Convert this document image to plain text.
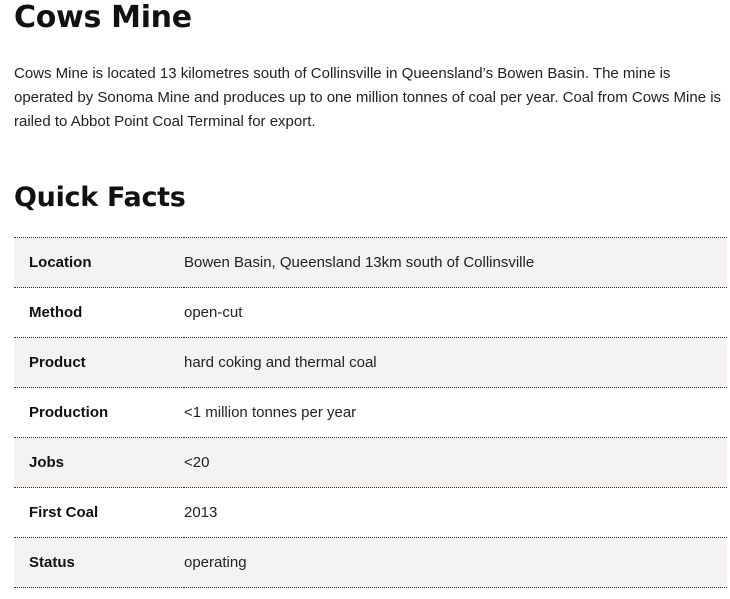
Cows Mine

Cows Mine is located 13 kilometres south of Collinsville in Queensland’s Bowen Basin. The mine is operated by Sonoma Mine and produces up to one million tonnes of coal per year. Coal from Cows Mine is railed to Abbot Point Coal Terminal for export.

Quick Facts
Location	Bowen Basin, Queensland 13km south of Collinsville
Method	open-cut
Product	hard coking and thermal coal
Production	<1 million tonnes per year
Jobs	<20
First Coal	2013
Status	operating
